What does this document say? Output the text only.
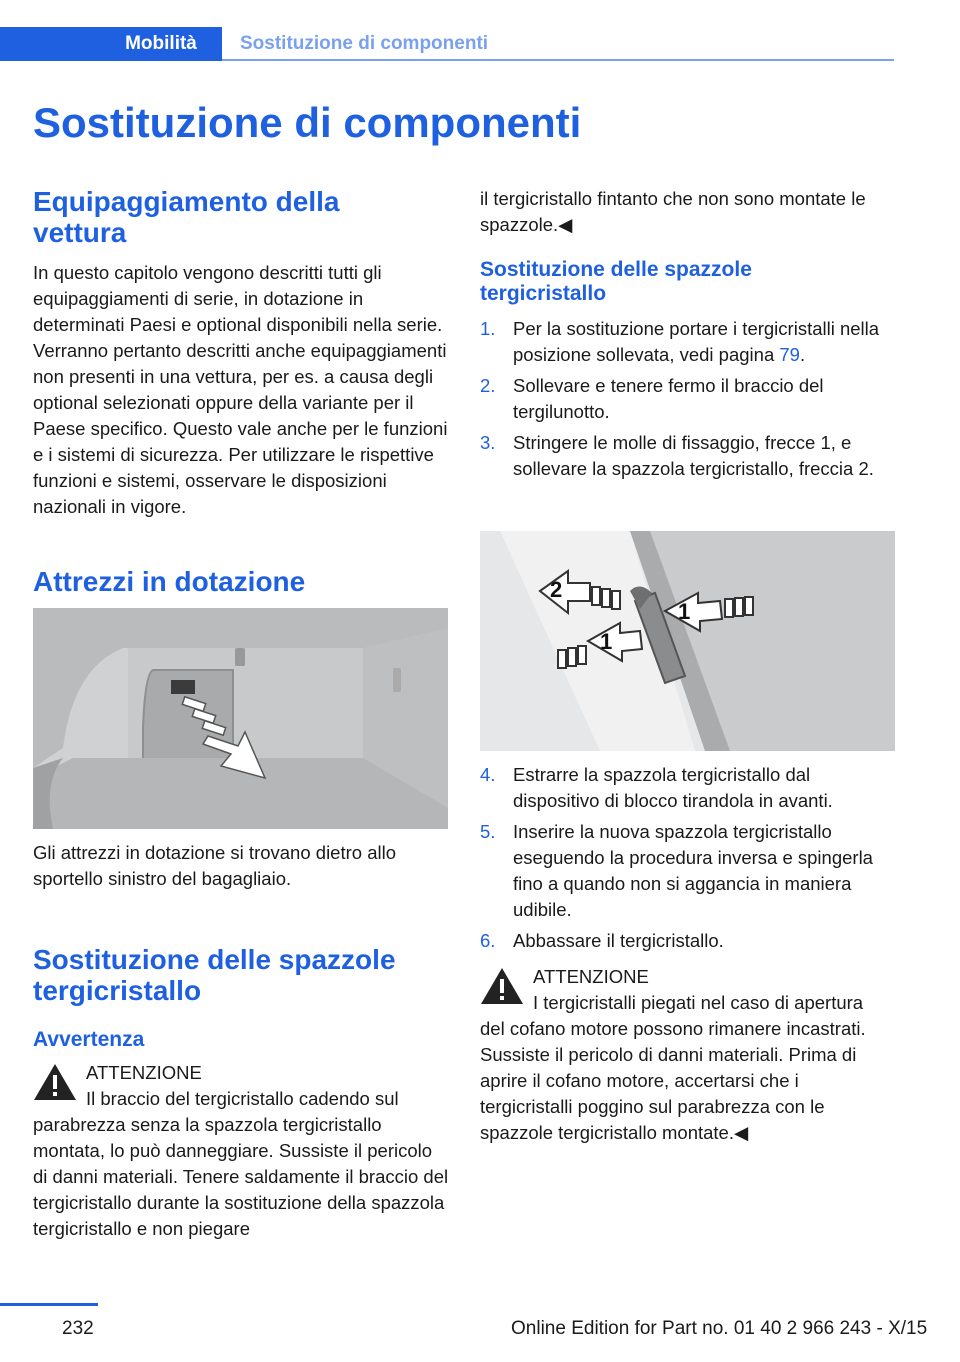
Mobilità	Sostituzione di componenti
Sostituzione di componenti
Equipaggiamento della vettura

In questo capitolo vengono descritti tutti gli equipaggiamenti di serie, in dotazione in determinati Paesi e optional disponibili nella serie. Verranno pertanto descritti anche equipaggiamenti non presenti in una vettura, per es. a causa degli optional selezionati oppure della variante per il Paese specifico. Questo vale anche per le funzioni e i sistemi di sicurezza. Per utilizzare le rispettive funzioni e sistemi, osservare le disposizioni nazionali in vigore.

Attrezzi in dotazione

Gli attrezzi in dotazione si trovano dietro allo sportello sinistro del bagagliaio.

Sostituzione delle spazzole tergicristallo
Avvertenza
ATTENZIONE
Il braccio del tergicristallo cadendo sul parabrezza senza la spazzola tergicristallo montata, lo può danneggiare. Sussiste il pericolo di danni materiali. Tenere saldamente il braccio del tergicristallo durante la sostituzione della spazzola tergicristallo e non piegare

il tergicristallo fintanto che non sono montate le spazzole.◀

Sostituzione delle spazzole tergicristallo
1. Per la sostituzione portare i tergicristalli nella posizione sollevata, vedi pagina 79.
2. Sollevare e tenere fermo il braccio del tergilunotto.
3. Stringere le molle di fissaggio, frecce 1, e sollevare la spazzola tergicristallo, freccia 2.
2
1
1
4. Estrarre la spazzola tergicristallo dal dispositivo di blocco tirandola in avanti.
5. Inserire la nuova spazzola tergicristallo eseguendo la procedura inversa e spingerla fino a quando non si aggancia in maniera udibile.
6. Abbassare il tergicristallo.
ATTENZIONE
I tergicristalli piegati nel caso di apertura
del cofano motore possono rimanere incastrati. Sussiste il pericolo di danni materiali. Prima di aprire il cofano motore, accertarsi che i tergicristalli poggino sul parabrezza con le spazzole tergicristallo montate.◀
232	Online Edition for Part no. 01 40 2 966 243 - X/15
